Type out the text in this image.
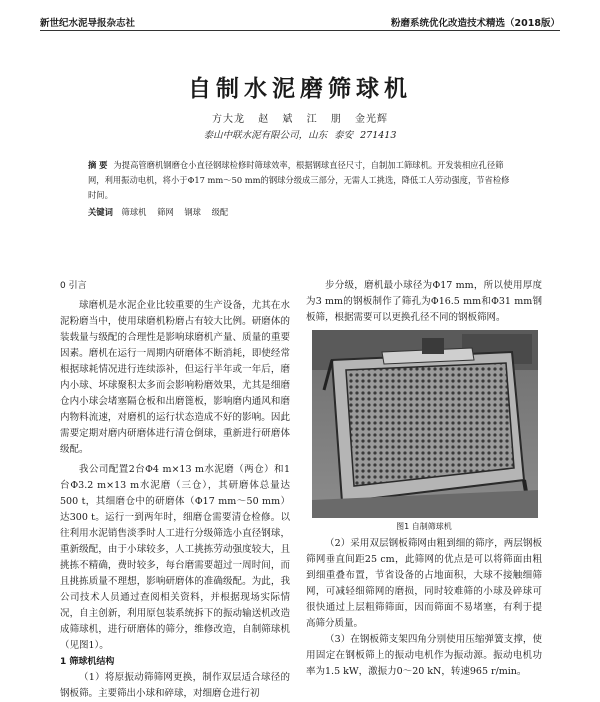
新世纪水泥导报杂志社	粉磨系统优化改造技术精选（2018版）
自制水泥磨筛球机
方大龙 赵 斌 江 朋 金光辉
泰山中联水泥有限公司，山东 泰安 271413
摘 要 为提高管磨机钢磨仓小直径钢球检修时筛球效率，根据钢球直径尺寸，自制加工筛球机。开发装相应孔径筛网，利用振动电机，将小于Φ17 mm～50 mm的钢球分级成三部分，无需人工挑选，降低工人劳动强度，节省检修时间。
关键词 筛球机 筛网 钢球 级配
0 引言

球磨机是水泥企业比较重要的生产设备，尤其在水泥粉磨当中，使用球磨机粉磨占有较大比例。研磨体的装载量与级配的合理性是影响球磨机产量、质量的重要因素。磨机在运行一周期内研磨体不断消耗，即使经常根据球耗情况进行连续添补，但运行半年或一年后，磨内小球、坏球聚积太多而会影响粉磨效果，尤其是细磨仓内小球会堵塞隔仓板和出磨篦板，影响磨内通风和磨内物料流速，对磨机的运行状态造成不好的影响。因此需要定期对磨内研磨体进行清仓倒球，重新进行研磨体级配。

我公司配置2台Φ4 m×13 m水泥磨（两仓）和1台Φ3.2 m×13 m水泥磨（三仓），其研磨体总量达500 t，其细磨仓中的研磨体（Φ17 mm～50 mm）达300 t。运行一到两年时，细磨仓需要清仓检修。以往利用水泥销售淡季时人工进行分级筛选小直径钢球，重新级配，由于小球较多，人工挑拣劳动强度较大，且挑拣不精确，费时较多，每台磨需要超过一周时间，而且挑拣质量不理想，影响研磨体的准确级配。为此，我公司技术人员通过查阅相关资料，并根据现场实际情况，自主创新，利用原包装系统拆下的振动输送机改造成筛球机，进行研磨体的筛分，维修改造，自制筛球机（见图1）。

1 筛球机结构

（1）将原振动筛筛网更换，制作双层适合球径的钢板筛。主要筛出小球和碎球，对细磨仓进行初

步分级，磨机最小球径为Φ17 mm，所以使用厚度为3 mm的钢板制作了筛孔为Φ16.5 mm和Φ31 mm钢板筛，根据需要可以更换孔径不同的钢板筛网。

图1 自制筛球机

（2）采用双层钢板筛网由粗到细的筛序，两层钢板筛网垂直间距25 cm，此筛网的优点是可以将筛面由粗到细重叠布置，节省设备的占地面积，大球不接触细筛网，可减轻细筛网的磨损，同时较难筛的小球及碎球可很快通过上层粗筛筛面，因而筛面不易堵塞，有利于提高筛分质量。

（3）在钢板筛支架四角分别使用压缩弹簧支撑，使用固定在钢板筛上的振动电机作为振动源。振动电机功率为1.5 kW，激振力0～20 kN，转速965 r/min。
